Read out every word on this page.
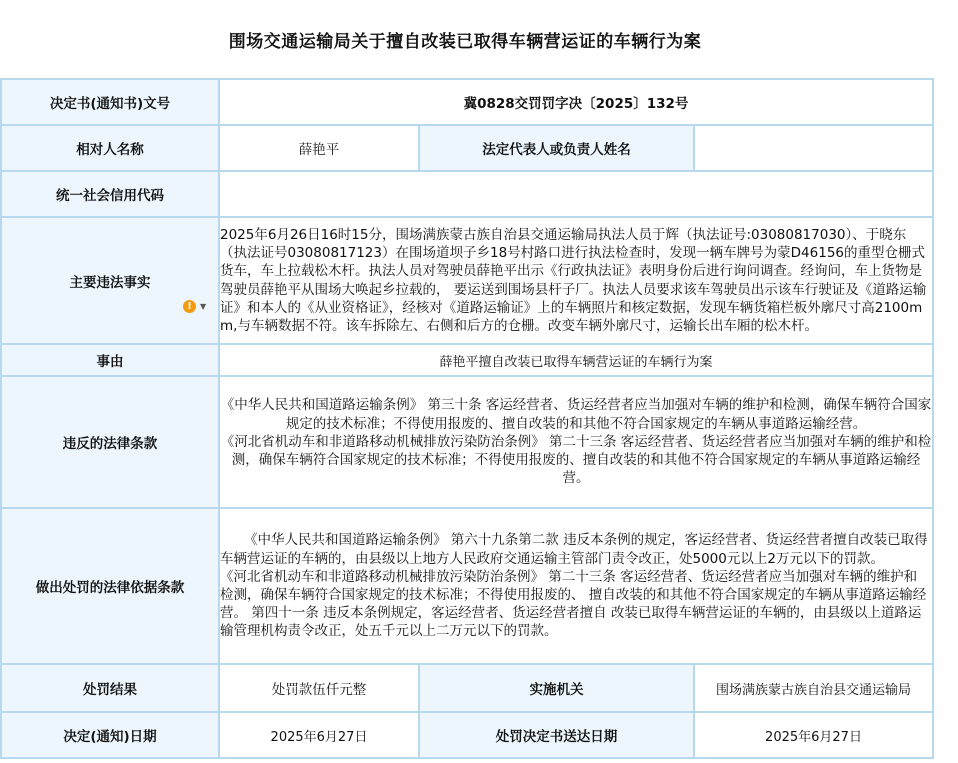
围场交通运输局关于擅自改装已取得车辆营运证的车辆行为案
决定书(通知书)文号	冀0828交罚罚字决〔2025〕132号		
相对人名称	薛艳平	法定代表人或负责人姓名	
统一社会信用代码			
主要违法事实	2025年6月26日16时15分，围场满族蒙古族自治县交通运输局执法人员于辉（执法证号:03080817030）、于晓东（执法证号03080817123）在围场道坝子乡18号村路口进行执法检查时，发现一辆车牌号为蒙D46156的重型仓栅式货车，车上拉载松木杆。执法人员对驾驶员薛艳平出示《行政执法证》表明身份后进行询问调查。经询问，车上货物是驾驶员薛艳平从围场大唤起乡拉载的， 要运送到围场县杆子厂。执法人员要求该车驾驶员出示该车行驶证及《道路运输证》和本人的《从业资格证》，经核对《道路运输证》上的车辆照片和核定数据，发现车辆货箱栏板外廓尺寸高2100mm,与车辆数据不符。该车拆除左、右侧和后方的仓栅。改变车辆外廓尺寸，运输长出车厢的松木杆。		
事由	薛艳平擅自改装已取得车辆营运证的车辆行为案		
违反的法律条款	《中华人民共和国道路运输条例》 第三十条 客运经营者、货运经营者应当加强对车辆的维护和检测，确保车辆符合国家规定的技术标准；不得使用报废的、擅自改装的和其他不符合国家规定的车辆从事道路运输经营。
《河北省机动车和非道路移动机械排放污染防治条例》 第二十三条 客运经营者、货运经营者应当加强对车辆的维护和检测，确保车辆符合国家规定的技术标准；不得使用报废的、擅自改装的和其他不符合国家规定的车辆从事道路运输经营。		

做出处罚的法律依据条款	《中华人民共和国道路运输条例》 第六十九条第二款 违反本条例的规定，客运经营者、货运经营者擅自改装已取得车辆营运证的车辆的，由县级以上地方人民政府交通运输主管部门责令改正，处5000元以上2万元以下的罚款。
《河北省机动车和非道路移动机械排放污染防治条例》 第二十三条 客运经营者、货运经营者应当加强对车辆的维护和 检测，确保车辆符合国家规定的技术标准；不得使用报废的、 擅自改装的和其他不符合国家规定的车辆从事道路运输经营。 第四十一条 违反本条例规定，客运经营者、货运经营者擅自 改装已取得车辆营运证的车辆的，由县级以上道路运输管理机构责令改正，处五千元以上二万元以下的罚款。		

处罚结果	处罚款伍仟元整	实施机关	围场满族蒙古族自治县交通运输局
决定(通知)日期	2025年6月27日	处罚决定书送达日期	2025年6月27日
!	▼
